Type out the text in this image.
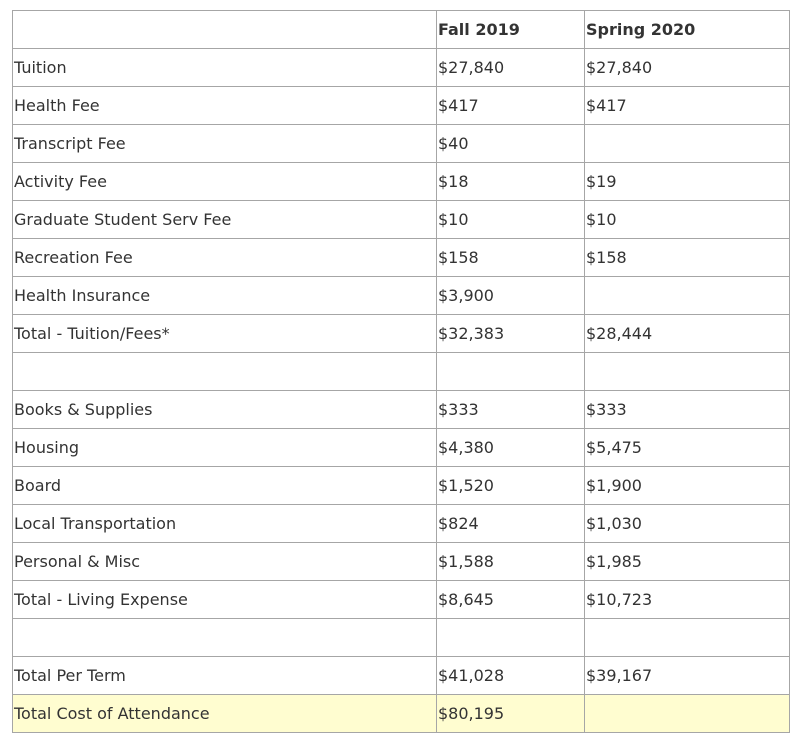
	Fall 2019	Spring 2020
Tuition	$27,840	$27,840
Health Fee	$417	$417
Transcript Fee	$40	
Activity Fee	$18	$19
Graduate Student Serv Fee	$10	$10
Recreation Fee	$158	$158
Health Insurance	$3,900	
Total - Tuition/Fees*	$32,383	$28,444

Books & Supplies	$333	$333
Housing	$4,380	$5,475
Board	$1,520	$1,900
Local Transportation	$824	$1,030
Personal & Misc	$1,588	$1,985
Total - Living Expense	$8,645	$10,723

Total Per Term	$41,028	$39,167
Total Cost of Attendance	$80,195	
